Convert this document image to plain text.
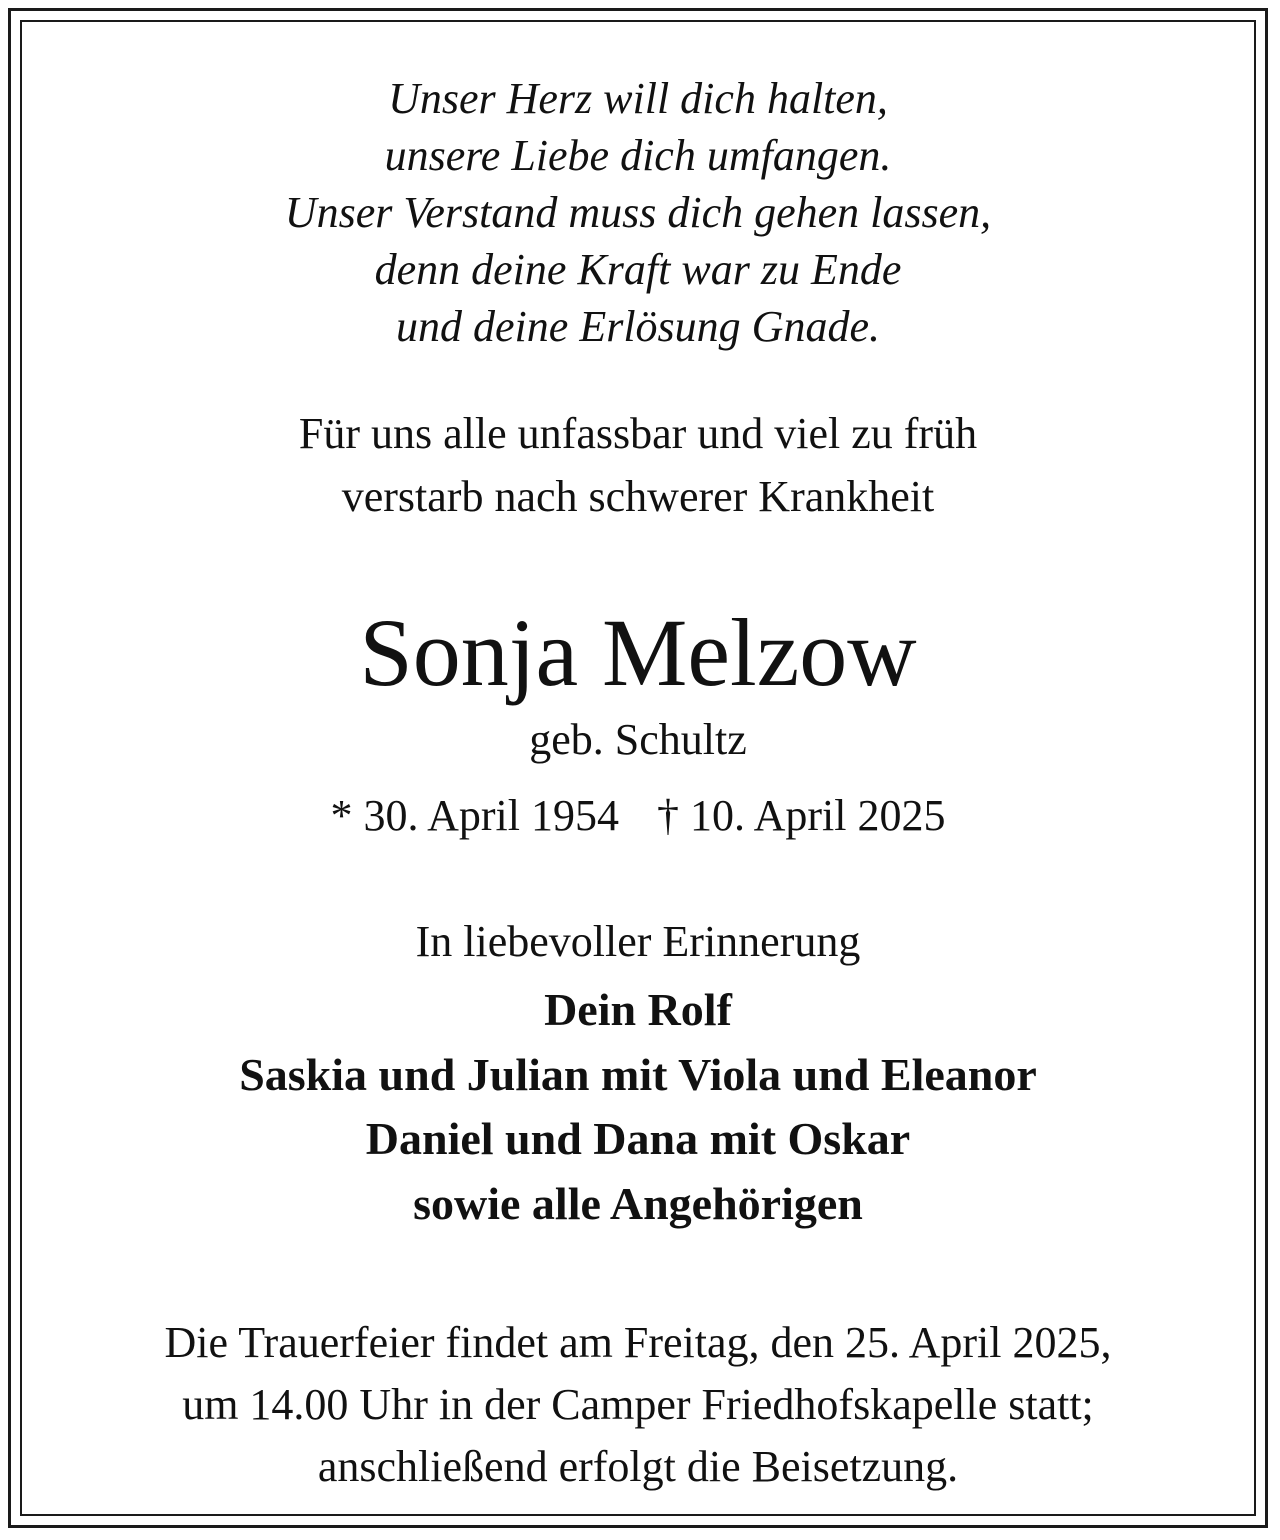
Unser Herz will dich halten,
unsere Liebe dich umfangen.
Unser Verstand muss dich gehen lassen,
denn deine Kraft war zu Ende
und deine Erlösung Gnade.
Für uns alle unfassbar und viel zu früh
verstarb nach schwerer Krankheit
Sonja Melzow
geb. Schultz
* 30. April 1954 † 10. April 2025
In liebevoller Erinnerung
Dein Rolf
Saskia und Julian mit Viola und Eleanor
Daniel und Dana mit Oskar
sowie alle Angehörigen
Die Trauerfeier findet am Freitag, den 25. April 2025,
um 14.00 Uhr in der Camper Friedhofskapelle statt;
anschließend erfolgt die Beisetzung.
